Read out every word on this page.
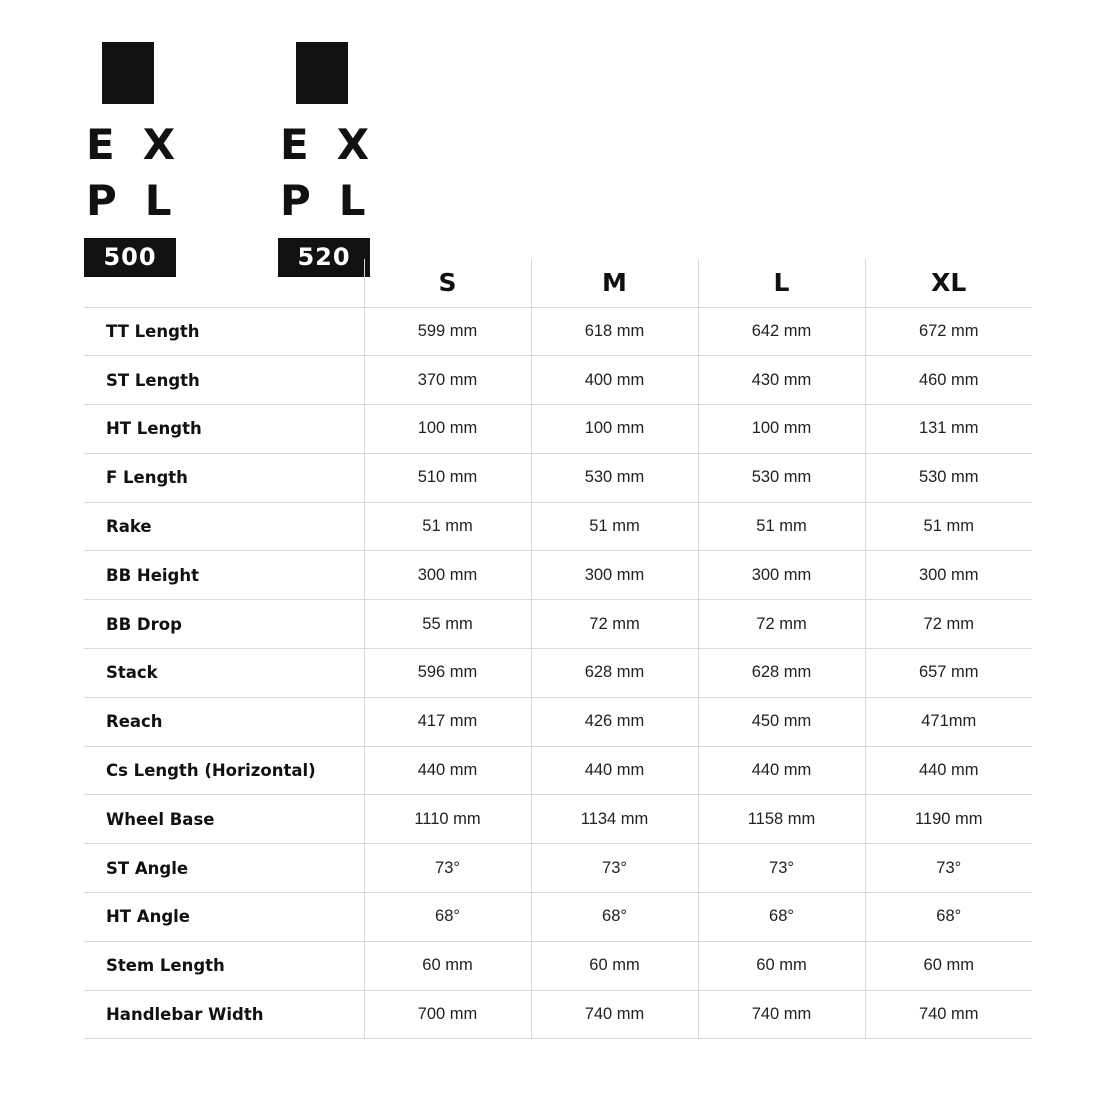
E X
P L
500
E X
P L
520
	S	M	L	XL
TT Length	599 mm	618 mm	642 mm	672 mm
ST Length	370 mm	400 mm	430 mm	460 mm
HT Length	100 mm	100 mm	100 mm	131 mm
F Length	510 mm	530 mm	530 mm	530 mm
Rake	51 mm	51 mm	51 mm	51 mm
BB Height	300 mm	300 mm	300 mm	300 mm
BB Drop	55 mm	72 mm	72 mm	72 mm
Stack	596 mm	628 mm	628 mm	657 mm
Reach	417 mm	426 mm	450 mm	471mm
Cs Length (Horizontal)	440 mm	440 mm	440 mm	440 mm
Wheel Base	1110 mm	1134 mm	1158 mm	1190 mm
ST Angle	73°	73°	73°	73°
HT Angle	68°	68°	68°	68°
Stem Length	60 mm	60 mm	60 mm	60 mm
Handlebar Width	700 mm	740 mm	740 mm	740 mm
